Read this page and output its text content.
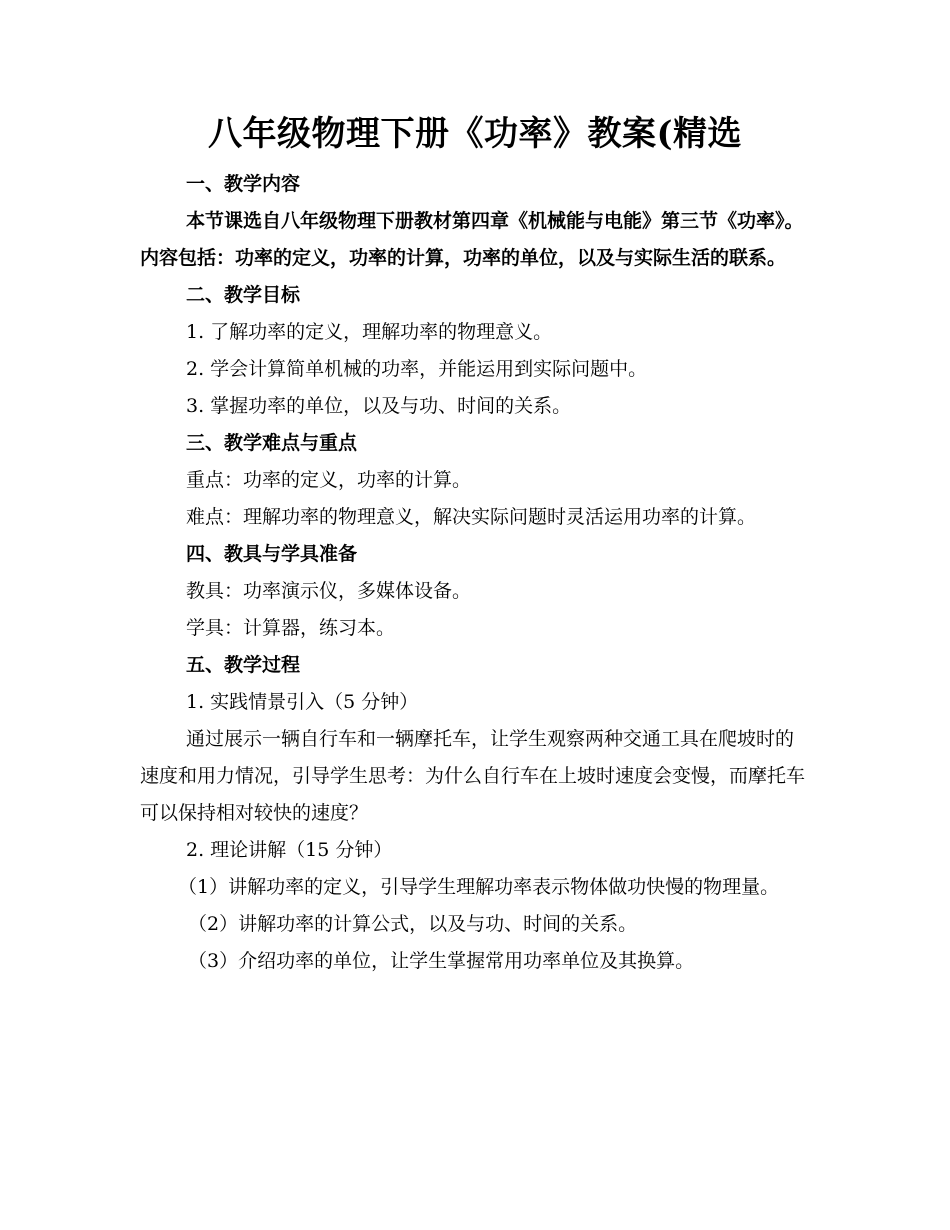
八年级物理下册《功率》教案(精选

一、教学内容

本节课选自八年级物理下册教材第四章《机械能与电能》第三节《功率》。内容包括：功率的定义，功率的计算，功率的单位，以及与实际生活的联系。

二、教学目标

1. 了解功率的定义，理解功率的物理意义。

2. 学会计算简单机械的功率，并能运用到实际问题中。

3. 掌握功率的单位，以及与功、时间的关系。

三、教学难点与重点

重点：功率的定义，功率的计算。

难点：理解功率的物理意义，解决实际问题时灵活运用功率的计算。

四、教具与学具准备

教具：功率演示仪，多媒体设备。

学具：计算器，练习本。

五、教学过程

1. 实践情景引入（5 分钟）

通过展示一辆自行车和一辆摩托车，让学生观察两种交通工具在爬坡时的速度和用力情况，引导学生思考：为什么自行车在上坡时速度会变慢，而摩托车可以保持相对较快的速度？

2. 理论讲解（15 分钟）

（1）讲解功率的定义，引导学生理解功率表示物体做功快慢的物理量。

（2）讲解功率的计算公式，以及与功、时间的关系。

（3）介绍功率的单位，让学生掌握常用功率单位及其换算。
